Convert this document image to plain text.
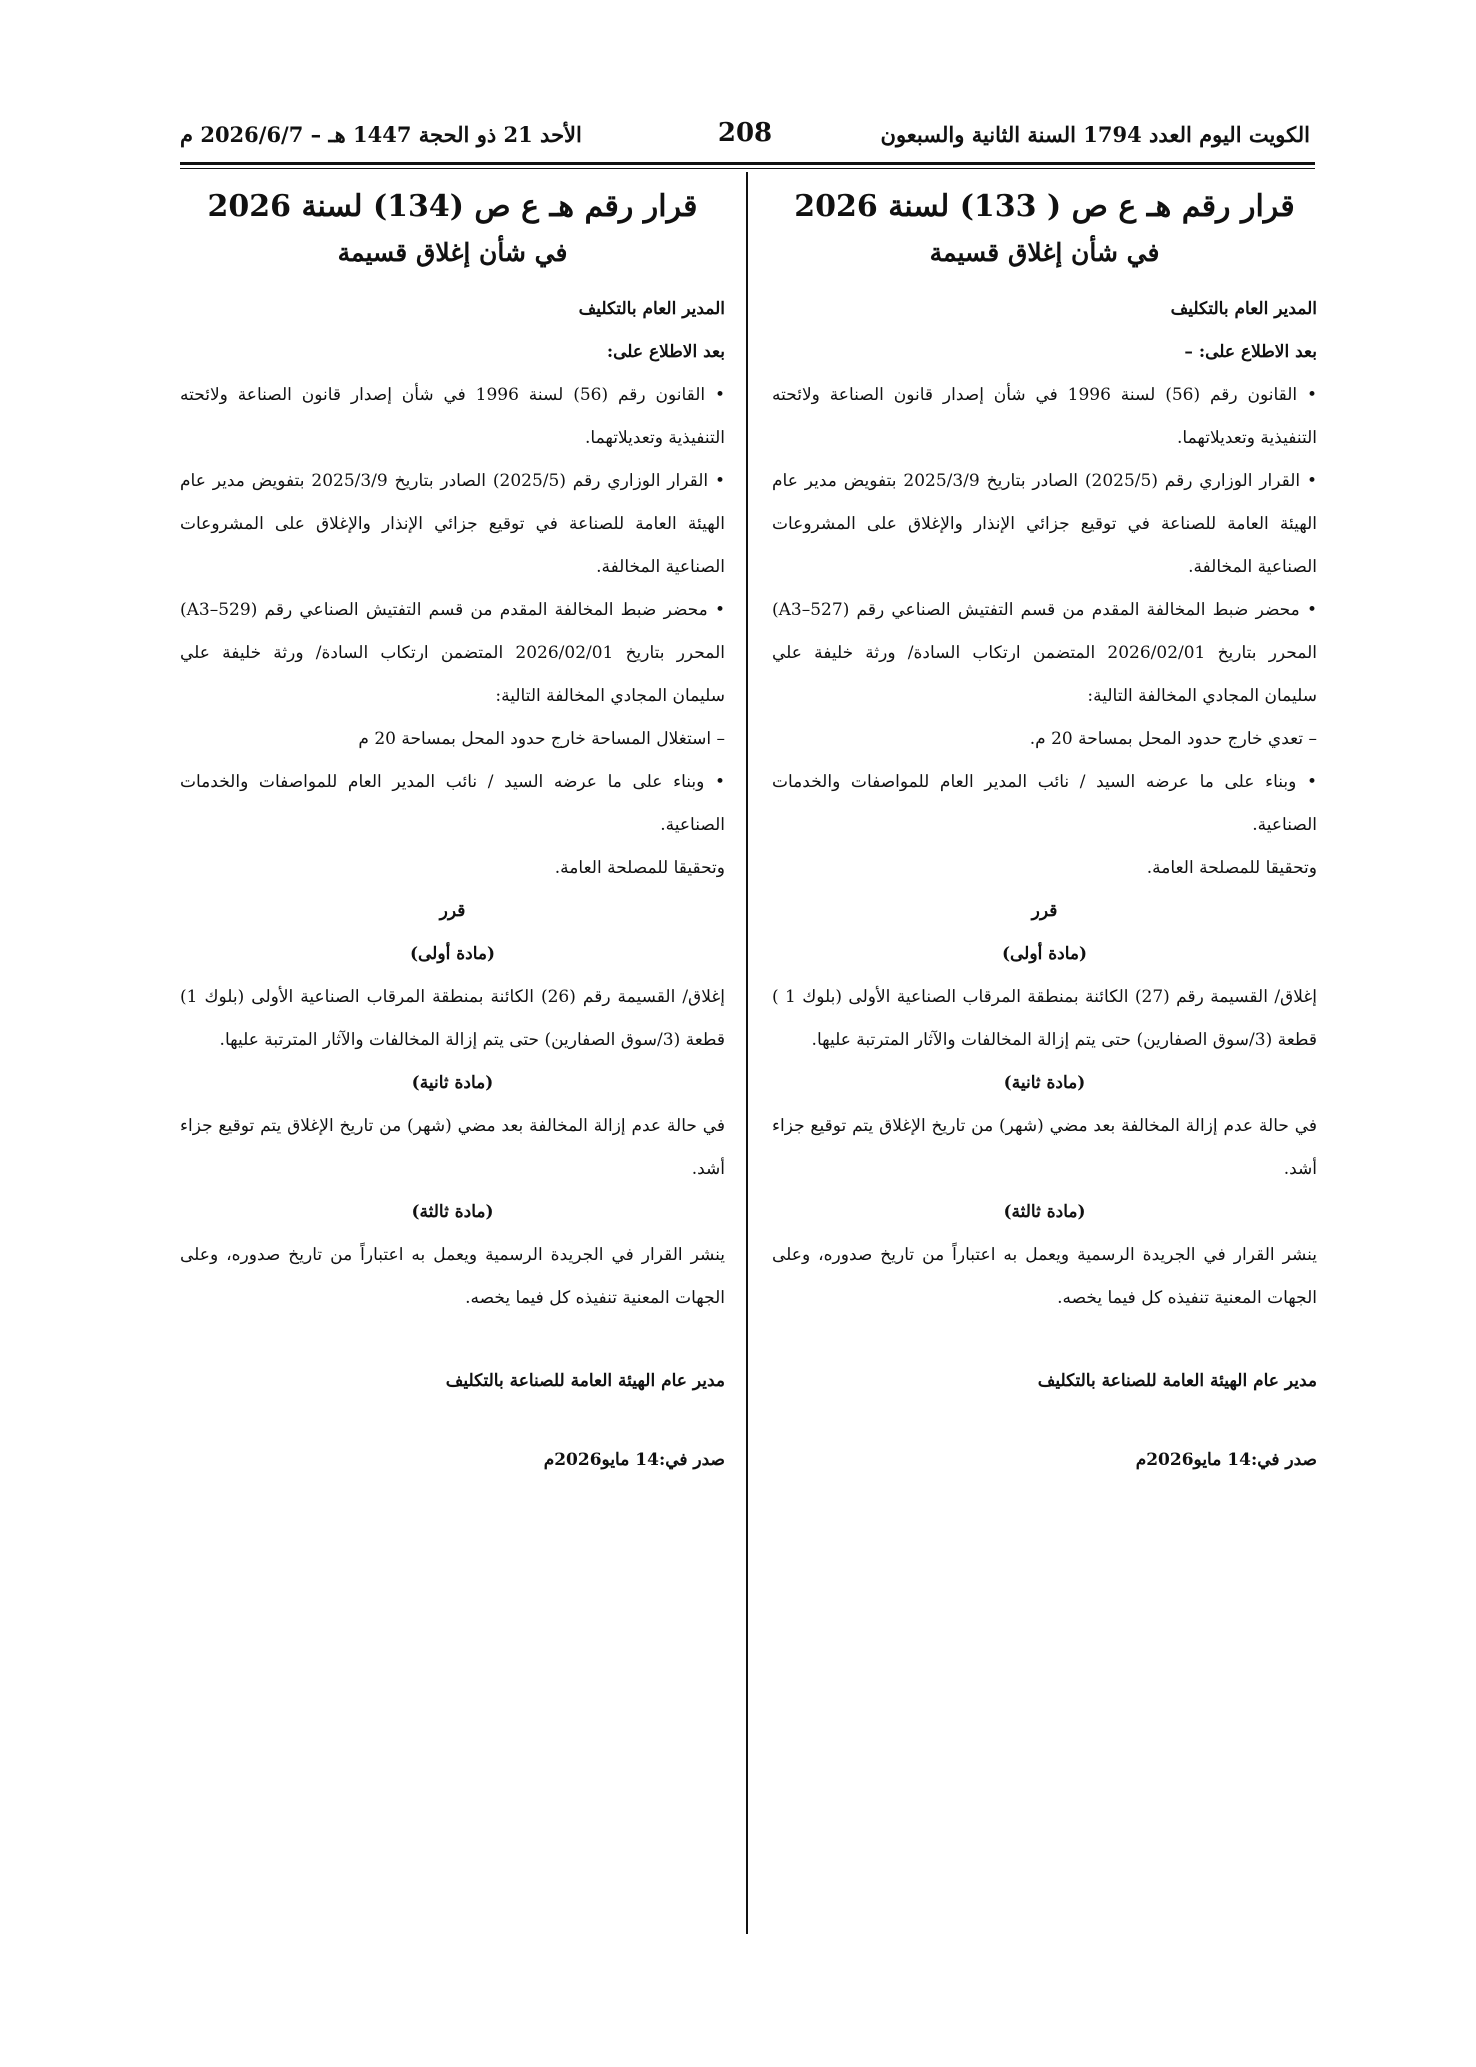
الكويت اليوم العدد 1794 السنة الثانية والسبعون
208
الأحد 21 ذو الحجة 1447 هـ – 2026/6/7 م

قرار رقم هـ ع ص ( 133) لسنة 2026

في شأن إغلاق قسيمة

المدير العام بالتكليف

بعد الاطلاع على: –

• القانون رقم (56) لسنة 1996 في شأن إصدار قانون الصناعة ولائحته التنفيذية وتعديلاتهما.

• القرار الوزاري رقم (2025/5) الصادر بتاريخ 2025/3/9 بتفويض مدير عام الهيئة العامة للصناعة في توقيع جزائي الإنذار والإغلاق على المشروعات الصناعية المخالفة.

• محضر ضبط المخالفة المقدم من قسم التفتيش الصناعي رقم (A3–527) المحرر بتاريخ 2026/02/01 المتضمن ارتكاب السادة/ ورثة خليفة علي سليمان المجادي المخالفة التالية:

– تعدي خارج حدود المحل بمساحة 20 م.

• وبناء على ما عرضه السيد / نائب المدير العام للمواصفات والخدمات الصناعية.

وتحقيقا للمصلحة العامة.

قرر

(مادة أولى)

إغلاق/ القسيمة رقم (27) الكائنة بمنطقة المرقاب الصناعية الأولى (بلوك 1 ) قطعة (3/سوق الصفارين) حتى يتم إزالة المخالفات والآثار المترتبة عليها.

(مادة ثانية)

في حالة عدم إزالة المخالفة بعد مضي (شهر) من تاريخ الإغلاق يتم توقيع جزاء أشد.

(مادة ثالثة)

ينشر القرار في الجريدة الرسمية ويعمل به اعتباراً من تاريخ صدوره، وعلى الجهات المعنية تنفيذه كل فيما يخصه.

مدير عام الهيئة العامة للصناعة بالتكليف

صدر في:14 مايو2026م

قرار رقم هـ ع ص (134) لسنة 2026

في شأن إغلاق قسيمة

المدير العام بالتكليف

بعد الاطلاع على:

• القانون رقم (56) لسنة 1996 في شأن إصدار قانون الصناعة ولائحته التنفيذية وتعديلاتهما.

• القرار الوزاري رقم (2025/5) الصادر بتاريخ 2025/3/9 بتفويض مدير عام الهيئة العامة للصناعة في توقيع جزائي الإنذار والإغلاق على المشروعات الصناعية المخالفة.

• محضر ضبط المخالفة المقدم من قسم التفتيش الصناعي رقم (A3–529) المحرر بتاريخ 2026/02/01 المتضمن ارتكاب السادة/ ورثة خليفة علي سليمان المجادي المخالفة التالية:

– استغلال المساحة خارج حدود المحل بمساحة 20 م

• وبناء على ما عرضه السيد / نائب المدير العام للمواصفات والخدمات الصناعية.

وتحقيقا للمصلحة العامة.

قرر

(مادة أولى)

إغلاق/ القسيمة رقم (26) الكائنة بمنطقة المرقاب الصناعية الأولى (بلوك 1) قطعة (3/سوق الصفارين) حتى يتم إزالة المخالفات والآثار المترتبة عليها.

(مادة ثانية)

في حالة عدم إزالة المخالفة بعد مضي (شهر) من تاريخ الإغلاق يتم توقيع جزاء أشد.

(مادة ثالثة)

ينشر القرار في الجريدة الرسمية ويعمل به اعتباراً من تاريخ صدوره، وعلى الجهات المعنية تنفيذه كل فيما يخصه.

مدير عام الهيئة العامة للصناعة بالتكليف

صدر في:14 مايو2026م
